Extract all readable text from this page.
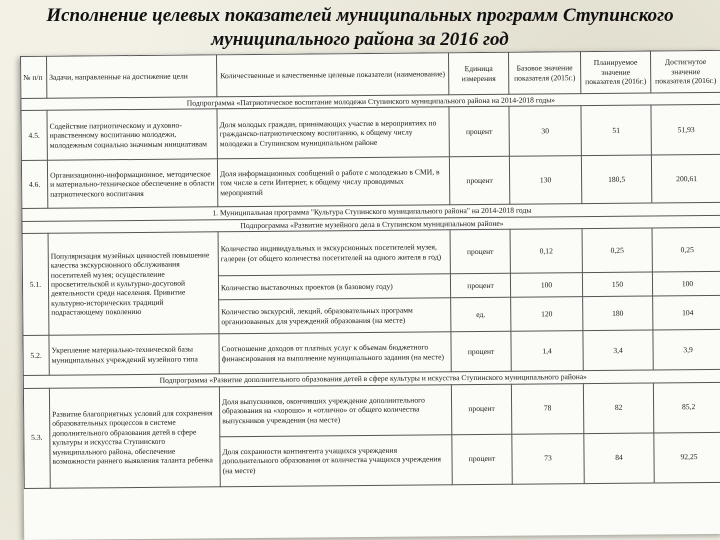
Исполнение целевых показателей муниципальных программ Ступинского
муниципального района за 2016 год
№ п/п	Задачи, направленные на достижение цели	Количественные и качественные целевые показатели (наименование)	Единица измерения	Базовое значение показателя (2015г.)	Планируемое значение показателя (2016г.)	Достигнутое значение показателя (2016г.)
Подпрограмма «Патриотическое воспитание молодежи Ступинского муниципального района на 2014-2018 годы»						
4.5.	Содействие патриотическому и духовно-нравственному воспитанию молодежи, молодежным социально значимым инициативам	Доля молодых граждан, принимающих участие в мероприятиях по гражданско-патриотическому воспитанию, к общему числу молодежи в Ступинском муниципальном районе	процент	30	51	51,93
4.6.	Организационно-информационное, методическое и материально-техническое обеспечение в области патриотического воспитания	Доля информационных сообщений о работе с молодежью в СМИ, в том числе в сети Интернет, к общему числу проводимых мероприятий	процент	130	180,5	200,61
1. Муниципальная программа "Культура Ступинского муниципального района" на 2014-2018 годы						
Подпрограмма «Развитие музейного дела в Ступинском муниципальном районе»						
5.1.	Популяризация музейных ценностей повышение качества экскурсионного обслуживания посетителей музея; осуществление просветительской и культурно-досуговой деятельности среди населения. Привитие культурно-исторических традиций подрастающему поколению	Количество индивидуальных и экскурсионных посетителей музея, галереи (от общего количества посетителей на одного жителя в год)	процент	0,12	0,25	0,25
		Количество выставочных проектов (в базовому году)	процент	100	150	100
		Количество экскурсий, лекций, образовательных программ организованных для учреждений образования (на месте)	ед.	120	180	104
5.2.	Укрепление материально-технической базы муниципальных учреждений музейного типа	Соотношение доходов от платных услуг к объемам бюджетного финансирования на выполнение муниципального задания (на месте)	процент	1,4	3,4	3,9
Подпрограмма «Развитие дополнительного образования детей в сфере культуры и искусства Ступинского муниципального района»						
5.3.	Развитие благоприятных условий для сохранения образовательных процессов в системе дополнительного образования детей в сфере культуры и искусства Ступинского муниципального района, обеспечение возможности раннего выявления таланта ребенка	Доля выпускников, окончивших учреждение дополнительного образования на «хорошо» и «отлично» от общего количества выпускников учреждения (на месте)	процент	78	82	85,2
		Доля сохранности контингента учащихся учреждения дополнительного образования от количества учащихся учреждения (на месте)	процент	73	84	92,25
